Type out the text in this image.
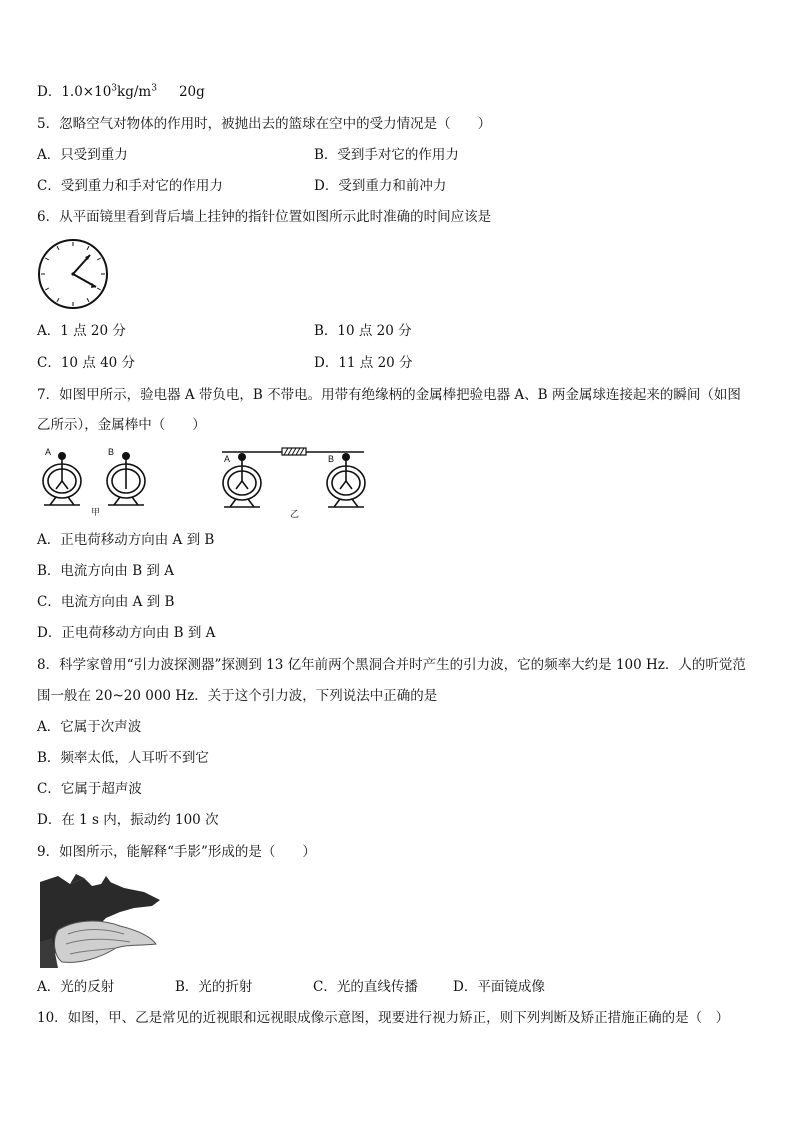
D．$1.0\times 10^3kg/m^3$ 20g
5．忽略空气对物体的作用时，被抛出去的篮球在空中的受力情况是（　　）
A．只受到重力	B．受到手对它的作用力
C．受到重力和手对它的作用力	D．受到重力和前冲力
6．从平面镜里看到背后墙上挂钟的指针位置如图所示此时准确的时间应该是
A．1 点 20 分	B．10 点 20 分
C．10 点 40 分	D．11 点 20 分
7．如图甲所示，验电器 A 带负电，B 不带电。用带有绝缘柄的金属棒把验电器 A、B 两金属球连接起来的瞬间（如图
乙所示），金属棒中（　　）
A	B
甲
A	B
乙
A．正电荷移动方向由 A 到 B
B．电流方向由 B 到 A
C．电流方向由 A 到 B
D．正电荷移动方向由 B 到 A
8．科学家曾用“引力波探测器”探测到 13 亿年前两个黑洞合并时产生的引力波，它的频率大约是 100 Hz．人的听觉范
围一般在 20~20 000 Hz．关于这个引力波，下列说法中正确的是
A．它属于次声波
B．频率太低，人耳听不到它
C．它属于超声波
D．在 1 s 内，振动约 100 次
9．如图所示，能解释“手影”形成的是（　　）
A．光的反射	B．光的折射	C．光的直线传播	D．平面镜成像
10．如图，甲、乙是常见的近视眼和远视眼成像示意图，现要进行视力矫正，则下列判断及矫正措施正确的是（　）
